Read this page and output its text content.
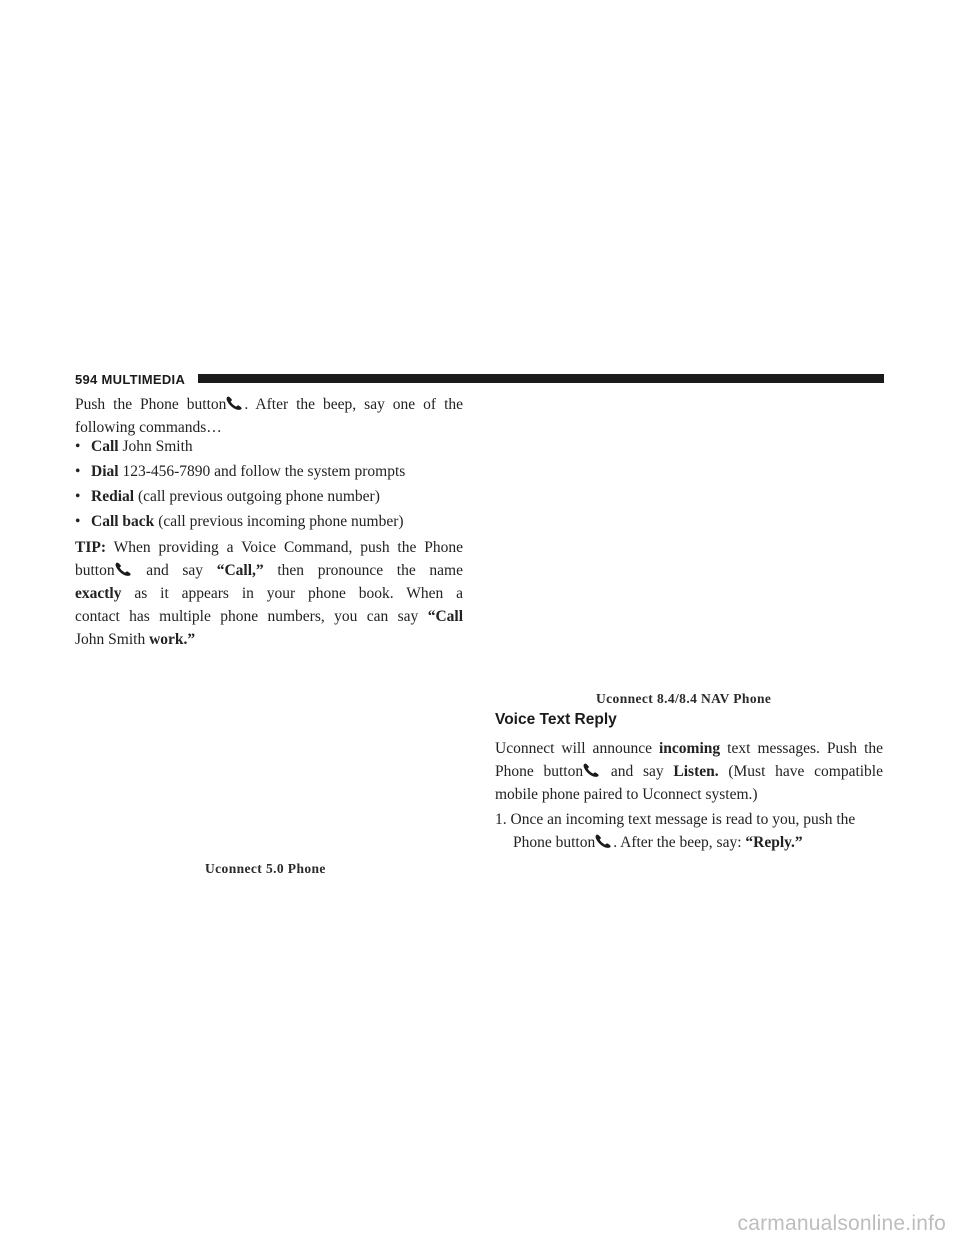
594 MULTIMEDIA
Push the Phone button . After the beep, say one of the
following commands…
• Call John Smith
• Dial 123-456-7890 and follow the system prompts
• Redial (call previous outgoing phone number)
• Call back (call previous incoming phone number)
TIP: When providing a Voice Command, push the Phone
button and say “Call,” then pronounce the name
exactly as it appears in your phone book. When a
contact has multiple phone numbers, you can say “Call
John Smith work.”
Uconnect 5.0 Phone
Uconnect 8.4/8.4 NAV Phone
Voice Text Reply
Uconnect will announce incoming text messages. Push the
Phone button and say Listen. (Must have compatible
mobile phone paired to Uconnect system.)
1. Once an incoming text message is read to you, push the
Phone button . After the beep, say: “Reply.”
carmanualsonline.info
